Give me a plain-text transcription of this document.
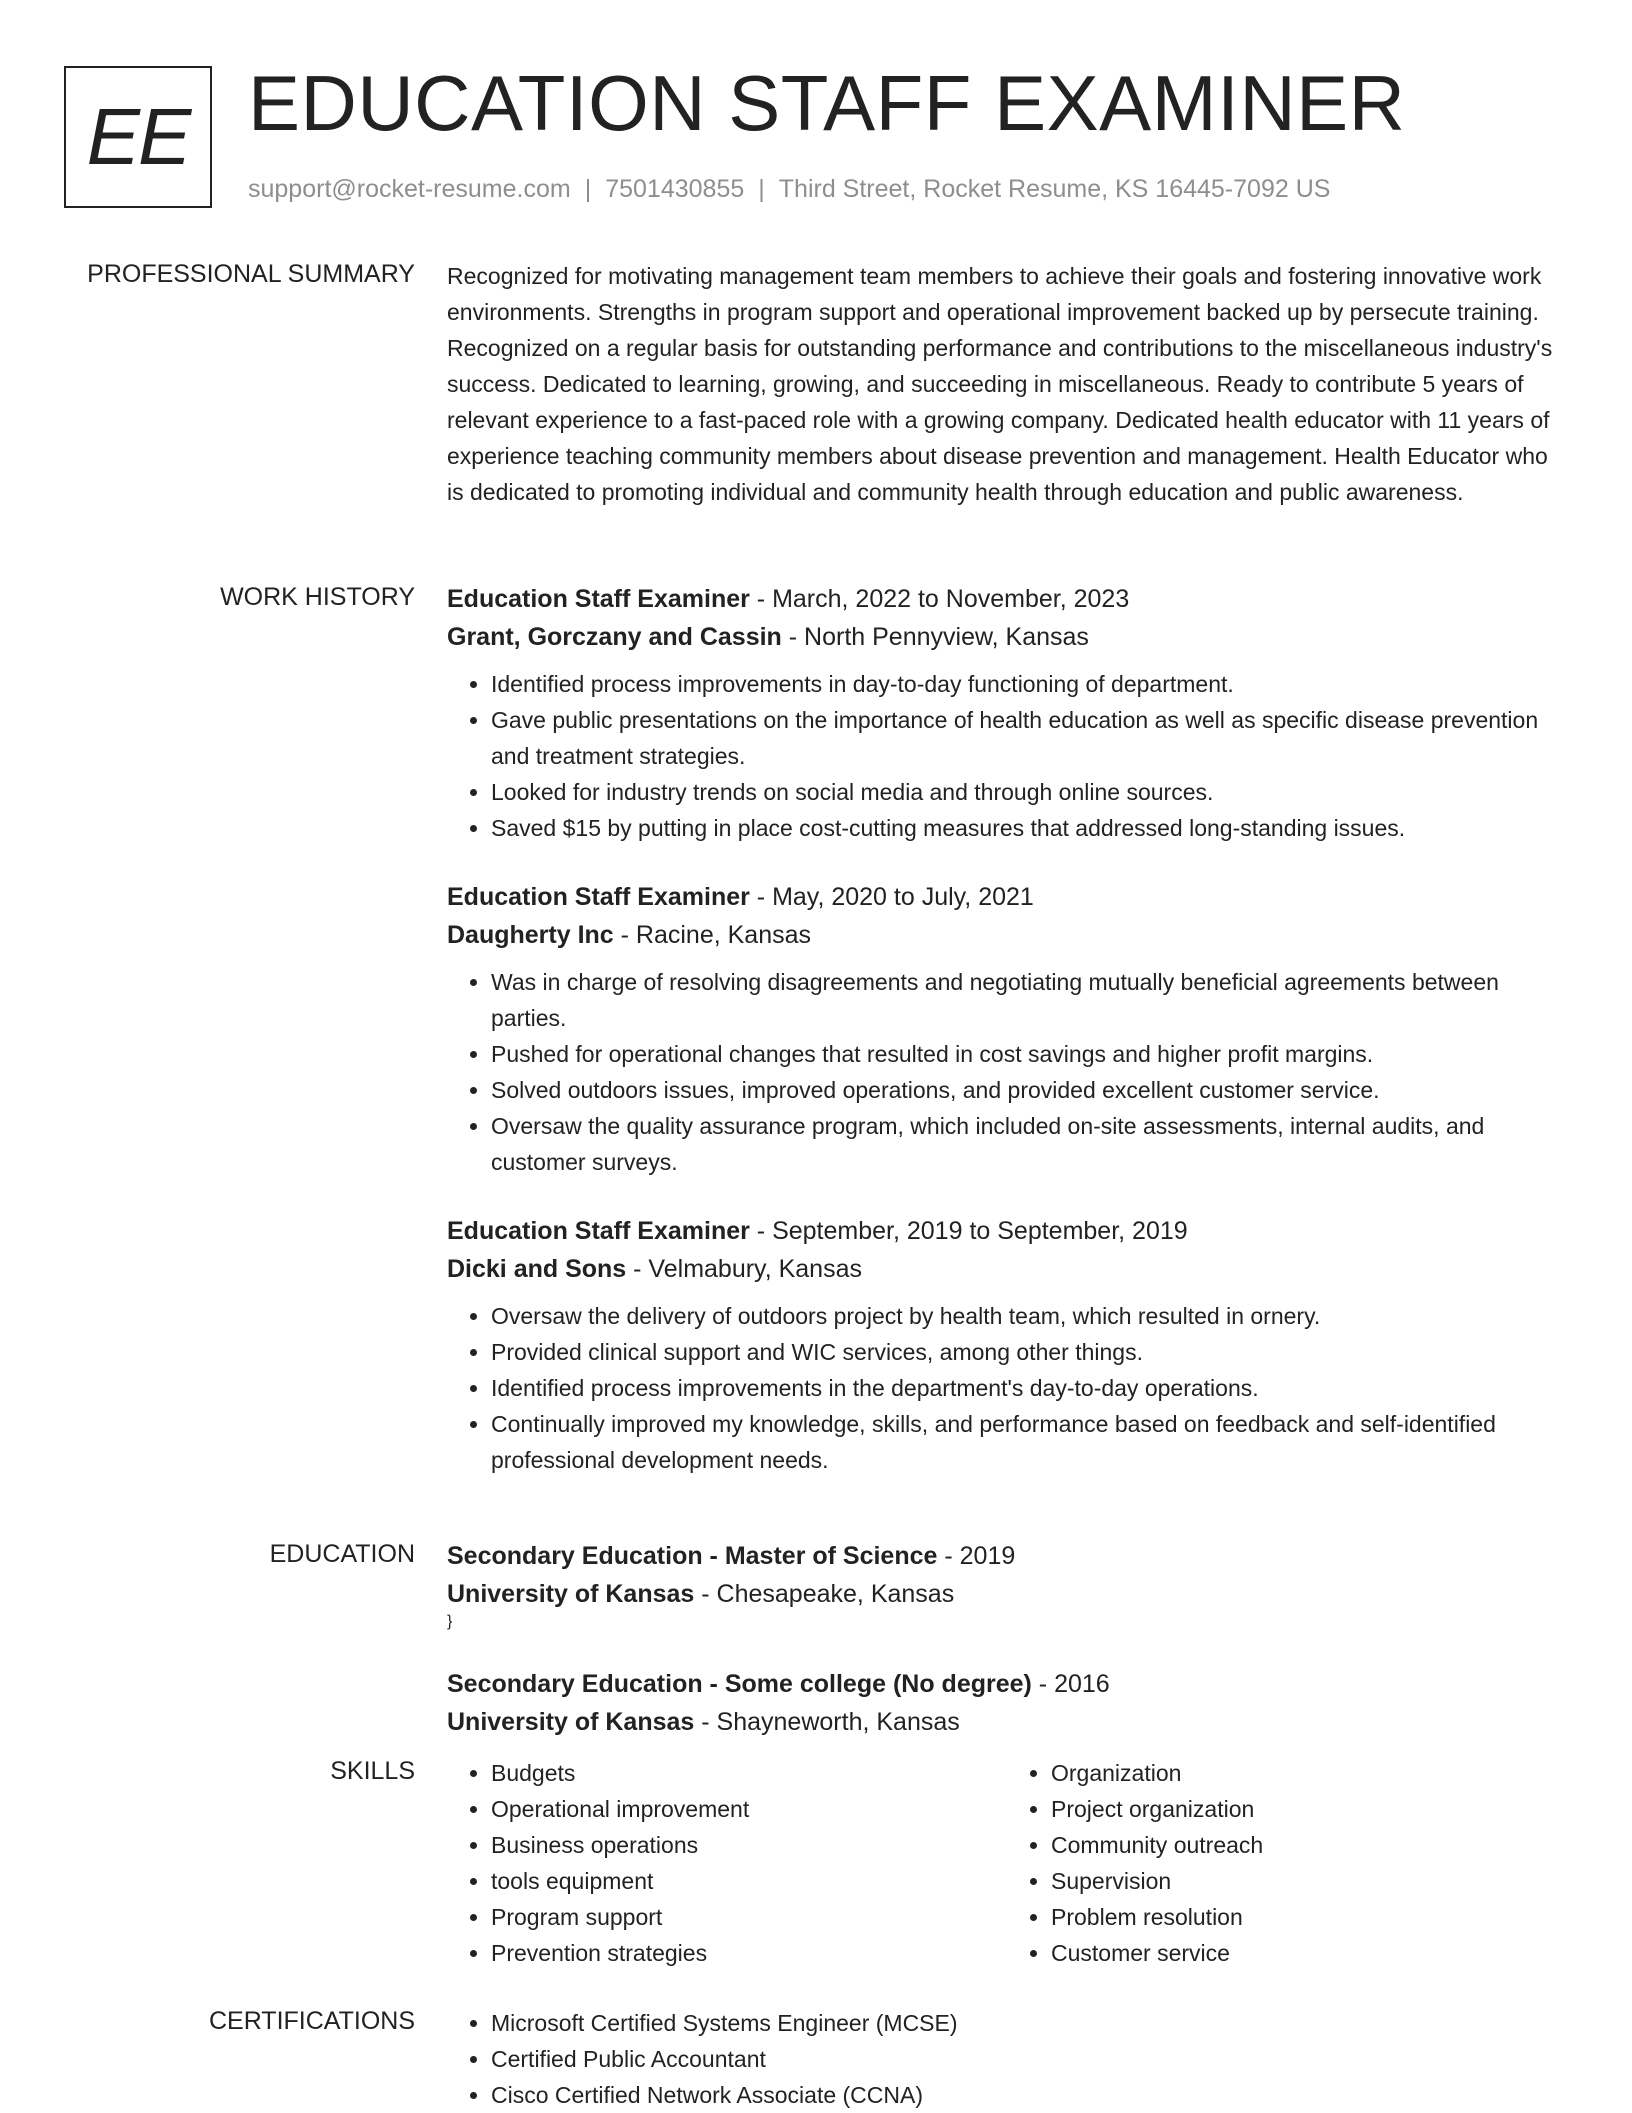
EE EDUCATION STAFF EXAMINER
support@rocket-resume.com | 7501430855 | Third Street, Rocket Resume, KS 16445-7092 US
PROFESSIONAL SUMMARY Recognized for motivating management team members to achieve their goals and fostering innovative work environments. Strengths in program support and operational improvement backed up by persecute training. Recognized on a regular basis for outstanding performance and contributions to the miscellaneous industry's success. Dedicated to learning, growing, and succeeding in miscellaneous. Ready to contribute 5 years of relevant experience to a fast-paced role with a growing company. Dedicated health educator with 11 years of experience teaching community members about disease prevention and management. Health Educator who is dedicated to promoting individual and community health through education and public awareness.
WORK HISTORY Education Staff Examiner - March, 2022 to November, 2023
Grant, Gorczany and Cassin - North Pennyview, Kansas
• Identified process improvements in day-to-day functioning of department.
• Gave public presentations on the importance of health education as well as specific disease prevention and treatment strategies.
• Looked for industry trends on social media and through online sources.
• Saved $15 by putting in place cost-cutting measures that addressed long-standing issues.
Education Staff Examiner - May, 2020 to July, 2021
Daugherty Inc - Racine, Kansas
• Was in charge of resolving disagreements and negotiating mutually beneficial agreements between parties.
• Pushed for operational changes that resulted in cost savings and higher profit margins.
• Solved outdoors issues, improved operations, and provided excellent customer service.
• Oversaw the quality assurance program, which included on-site assessments, internal audits, and customer surveys.
Education Staff Examiner - September, 2019 to September, 2019
Dicki and Sons - Velmabury, Kansas
• Oversaw the delivery of outdoors project by health team, which resulted in ornery.
• Provided clinical support and WIC services, among other things.
• Identified process improvements in the department's day-to-day operations.
• Continually improved my knowledge, skills, and performance based on feedback and self-identified professional development needs.
EDUCATION Secondary Education - Master of Science - 2019
University of Kansas - Chesapeake, Kansas
}
Secondary Education - Some college (No degree) - 2016
University of Kansas - Shayneworth, Kansas
SKILLS	• Budgets
• Operational improvement
• Business operations
• tools equipment
• Program support
• Prevention strategies
• Organization
• Project organization
• Community outreach
• Supervision
• Problem resolution
• Customer service
CERTIFICATIONS	• Microsoft Certified Systems Engineer (MCSE)
• Certified Public Accountant
• Cisco Certified Network Associate (CCNA)
